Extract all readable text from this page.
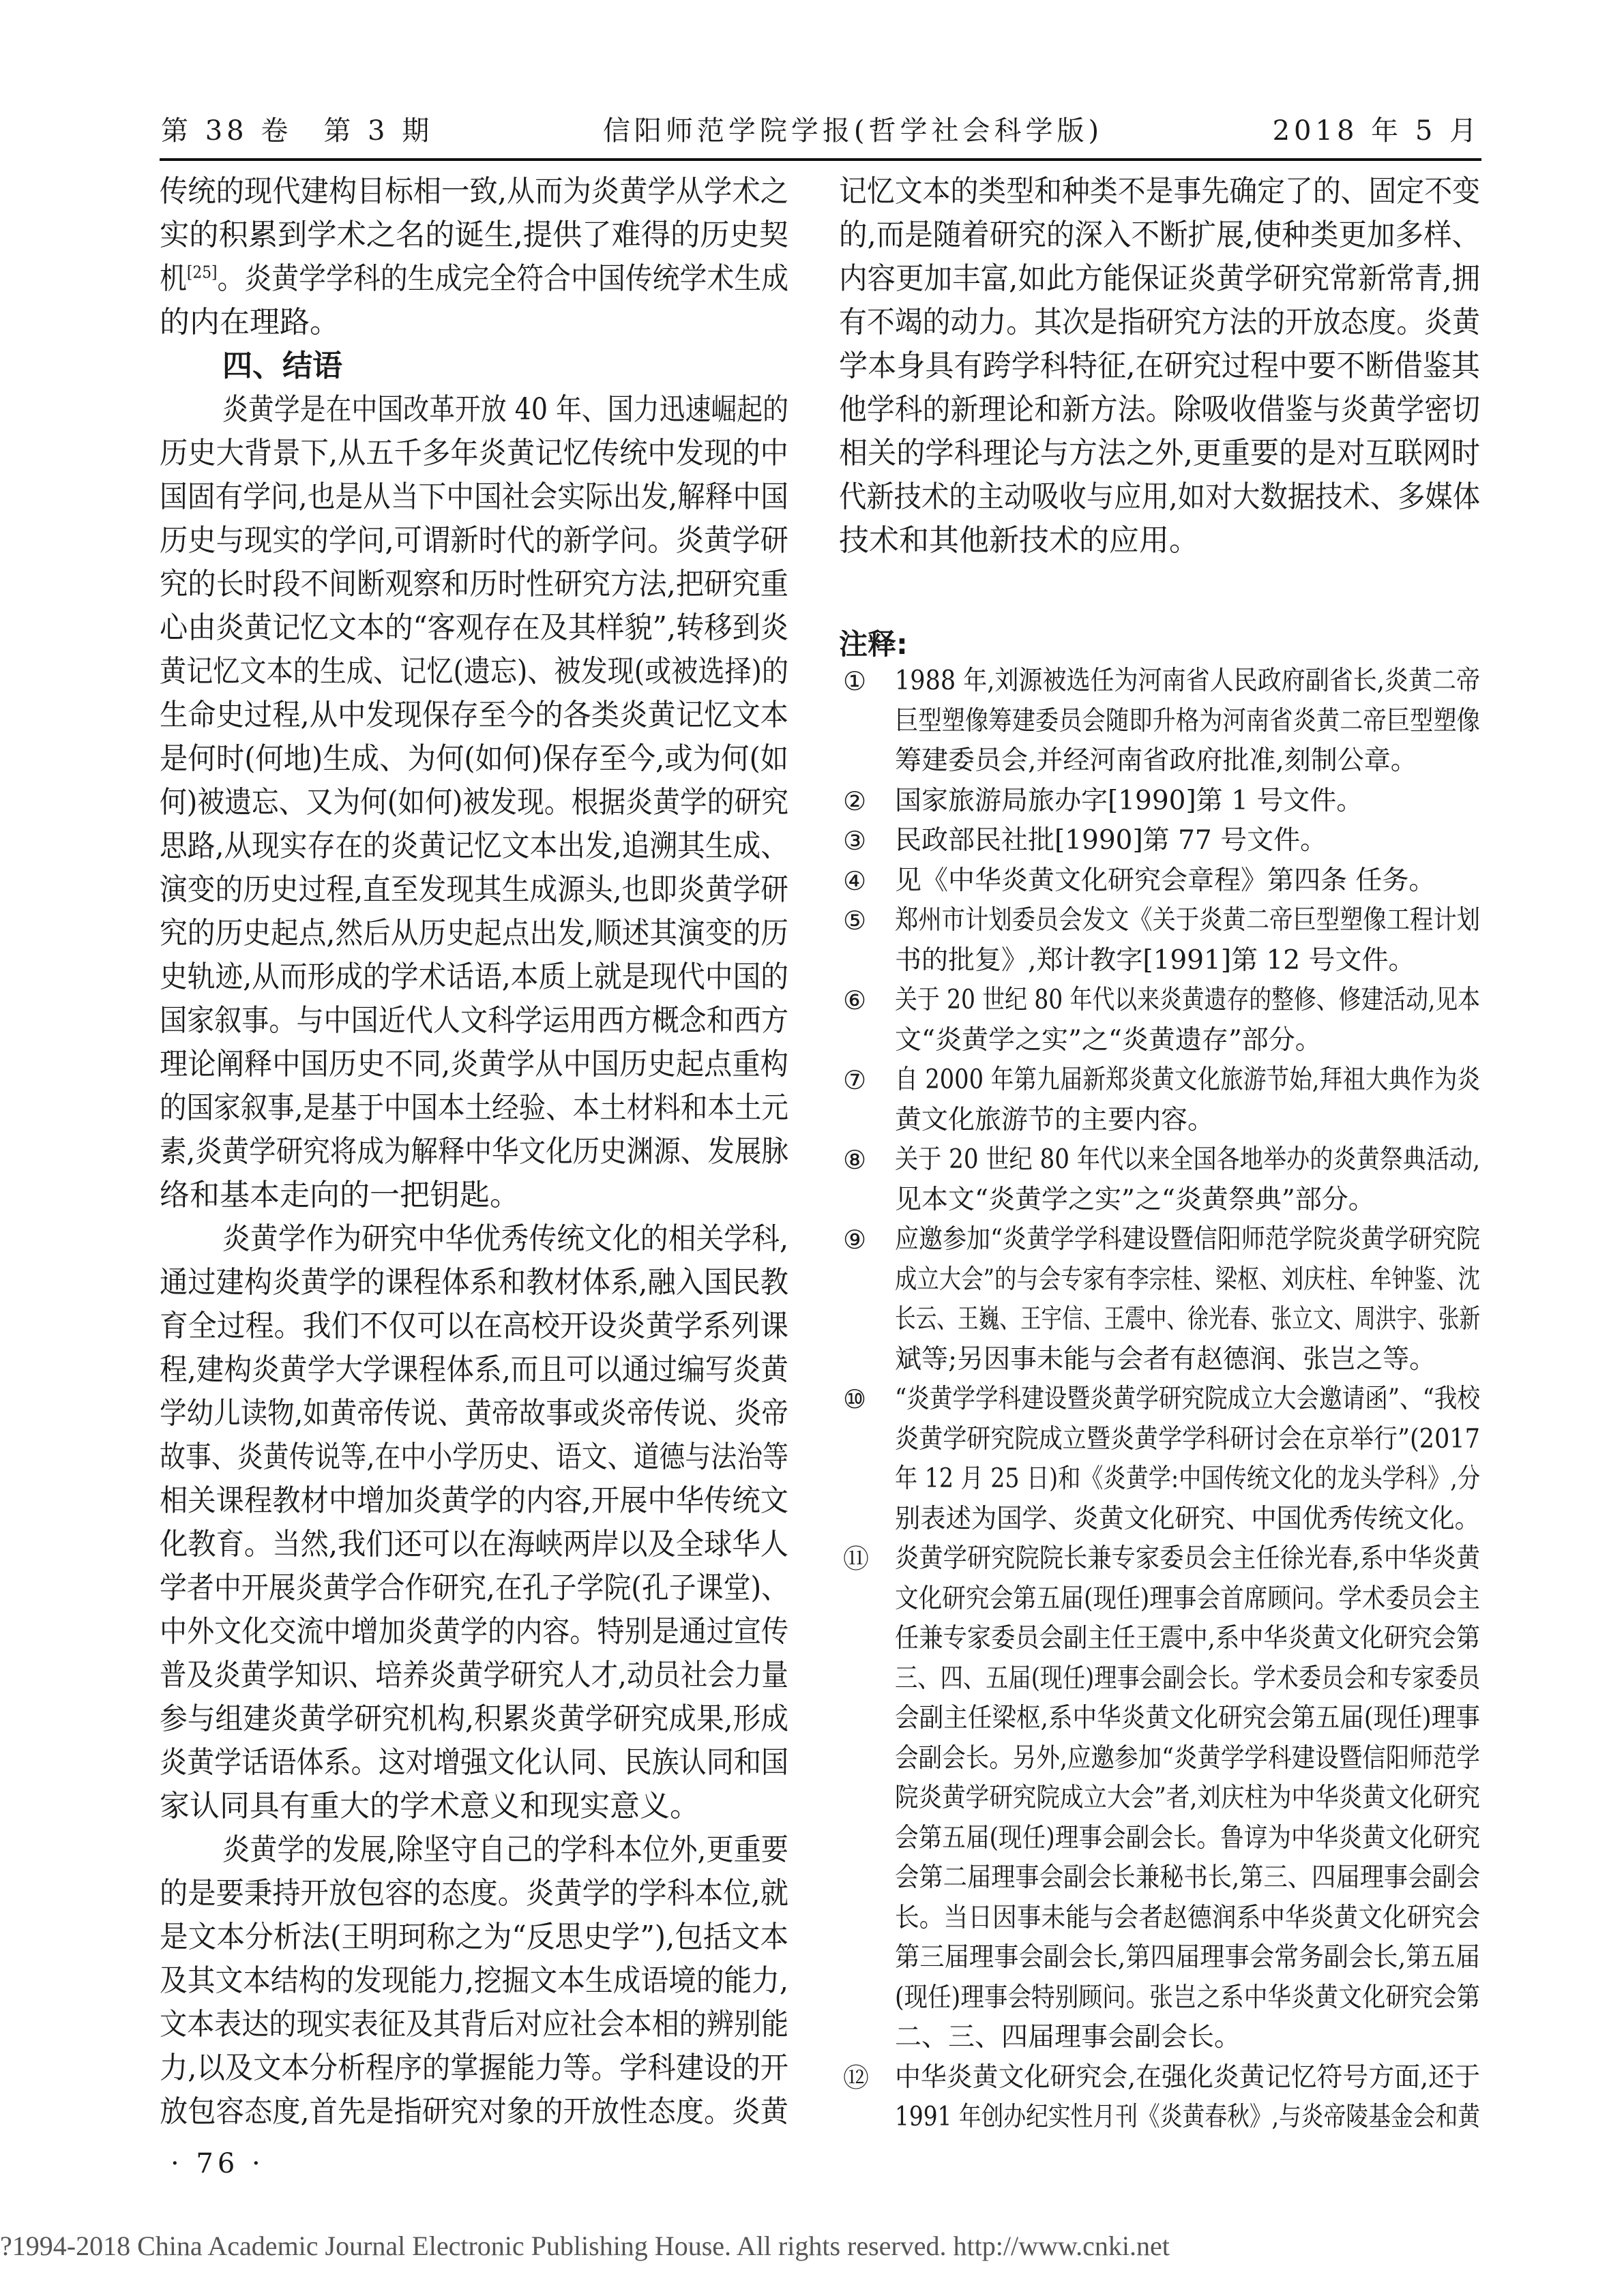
第 38 卷　第 3 期	信阳师范学院学报(哲学社会科学版)	2018 年 5 月
传统的现代建构目标相一致,从而为炎黄学从学术之
实的积累到学术之名的诞生,提供了难得的历史契
机[25]。炎黄学学科的生成完全符合中国传统学术生成
的内在理路。
四、结语
炎黄学是在中国改革开放 40 年、国力迅速崛起的
历史大背景下,从五千多年炎黄记忆传统中发现的中
国固有学问,也是从当下中国社会实际出发,解释中国
历史与现实的学问,可谓新时代的新学问。炎黄学研
究的长时段不间断观察和历时性研究方法,把研究重
心由炎黄记忆文本的“客观存在及其样貌”,转移到炎
黄记忆文本的生成、记忆(遗忘)、被发现(或被选择)的
生命史过程,从中发现保存至今的各类炎黄记忆文本
是何时(何地)生成、为何(如何)保存至今,或为何(如
何)被遗忘、又为何(如何)被发现。根据炎黄学的研究
思路,从现实存在的炎黄记忆文本出发,追溯其生成、
演变的历史过程,直至发现其生成源头,也即炎黄学研
究的历史起点,然后从历史起点出发,顺述其演变的历
史轨迹,从而形成的学术话语,本质上就是现代中国的
国家叙事。与中国近代人文科学运用西方概念和西方
理论阐释中国历史不同,炎黄学从中国历史起点重构
的国家叙事,是基于中国本土经验、本土材料和本土元
素,炎黄学研究将成为解释中华文化历史渊源、发展脉
络和基本走向的一把钥匙。
炎黄学作为研究中华优秀传统文化的相关学科,
通过建构炎黄学的课程体系和教材体系,融入国民教
育全过程。我们不仅可以在高校开设炎黄学系列课
程,建构炎黄学大学课程体系,而且可以通过编写炎黄
学幼儿读物,如黄帝传说、黄帝故事或炎帝传说、炎帝
故事、炎黄传说等,在中小学历史、语文、道德与法治等
相关课程教材中增加炎黄学的内容,开展中华传统文
化教育。当然,我们还可以在海峡两岸以及全球华人
学者中开展炎黄学合作研究,在孔子学院(孔子课堂)、
中外文化交流中增加炎黄学的内容。特别是通过宣传
普及炎黄学知识、培养炎黄学研究人才,动员社会力量
参与组建炎黄学研究机构,积累炎黄学研究成果,形成
炎黄学话语体系。这对增强文化认同、民族认同和国
家认同具有重大的学术意义和现实意义。
炎黄学的发展,除坚守自己的学科本位外,更重要
的是要秉持开放包容的态度。炎黄学的学科本位,就
是文本分析法(王明珂称之为“反思史学”),包括文本
及其文本结构的发现能力,挖掘文本生成语境的能力,
文本表达的现实表征及其背后对应社会本相的辨别能
力,以及文本分析程序的掌握能力等。学科建设的开
放包容态度,首先是指研究对象的开放性态度。炎黄
记忆文本的类型和种类不是事先确定了的、固定不变
的,而是随着研究的深入不断扩展,使种类更加多样、
内容更加丰富,如此方能保证炎黄学研究常新常青,拥
有不竭的动力。其次是指研究方法的开放态度。炎黄
学本身具有跨学科特征,在研究过程中要不断借鉴其
他学科的新理论和新方法。除吸收借鉴与炎黄学密切
相关的学科理论与方法之外,更重要的是对互联网时
代新技术的主动吸收与应用,如对大数据技术、多媒体
技术和其他新技术的应用。
注释:
① 1988 年,刘源被选任为河南省人民政府副省长,炎黄二帝
巨型塑像筹建委员会随即升格为河南省炎黄二帝巨型塑像
筹建委员会,并经河南省政府批准,刻制公章。
② 国家旅游局旅办字[1990]第 1 号文件。
③ 民政部民社批[1990]第 77 号文件。
④ 见《中华炎黄文化研究会章程》第四条 任务。
⑤ 郑州市计划委员会发文《关于炎黄二帝巨型塑像工程计划
书的批复》,郑计教字[1991]第 12 号文件。
⑥ 关于 20 世纪 80 年代以来炎黄遗存的整修、修建活动,见本
文“炎黄学之实”之“炎黄遗存”部分。
⑦ 自 2000 年第九届新郑炎黄文化旅游节始,拜祖大典作为炎
黄文化旅游节的主要内容。
⑧ 关于 20 世纪 80 年代以来全国各地举办的炎黄祭典活动,
见本文“炎黄学之实”之“炎黄祭典”部分。
⑨ 应邀参加“炎黄学学科建设暨信阳师范学院炎黄学研究院
成立大会”的与会专家有李宗桂、梁枢、刘庆柱、牟钟鉴、沈
长云、王巍、王宇信、王震中、徐光春、张立文、周洪宇、张新
斌等;另因事未能与会者有赵德润、张岂之等。
⑩ “炎黄学学科建设暨炎黄学研究院成立大会邀请函”、“我校
炎黄学研究院成立暨炎黄学学科研讨会在京举行”(2017
年 12 月 25 日)和《炎黄学:中国传统文化的龙头学科》,分
别表述为国学、炎黄文化研究、中国优秀传统文化。
⑪ 炎黄学研究院院长兼专家委员会主任徐光春,系中华炎黄
文化研究会第五届(现任)理事会首席顾问。学术委员会主
任兼专家委员会副主任王震中,系中华炎黄文化研究会第
三、四、五届(现任)理事会副会长。学术委员会和专家委员
会副主任梁枢,系中华炎黄文化研究会第五届(现任)理事
会副会长。另外,应邀参加“炎黄学学科建设暨信阳师范学
院炎黄学研究院成立大会”者,刘庆柱为中华炎黄文化研究
会第五届(现任)理事会副会长。鲁谆为中华炎黄文化研究
会第二届理事会副会长兼秘书长,第三、四届理事会副会
长。当日因事未能与会者赵德润系中华炎黄文化研究会
第三届理事会副会长,第四届理事会常务副会长,第五届
(现任)理事会特别顾问。张岂之系中华炎黄文化研究会第
二、三、四届理事会副会长。
⑫ 中华炎黄文化研究会,在强化炎黄记忆符号方面,还于
1991 年创办纪实性月刊《炎黄春秋》,与炎帝陵基金会和黄
· 76 ·
?1994-2018 China Academic Journal Electronic Publishing House. All rights reserved. http://www.cnki.net
